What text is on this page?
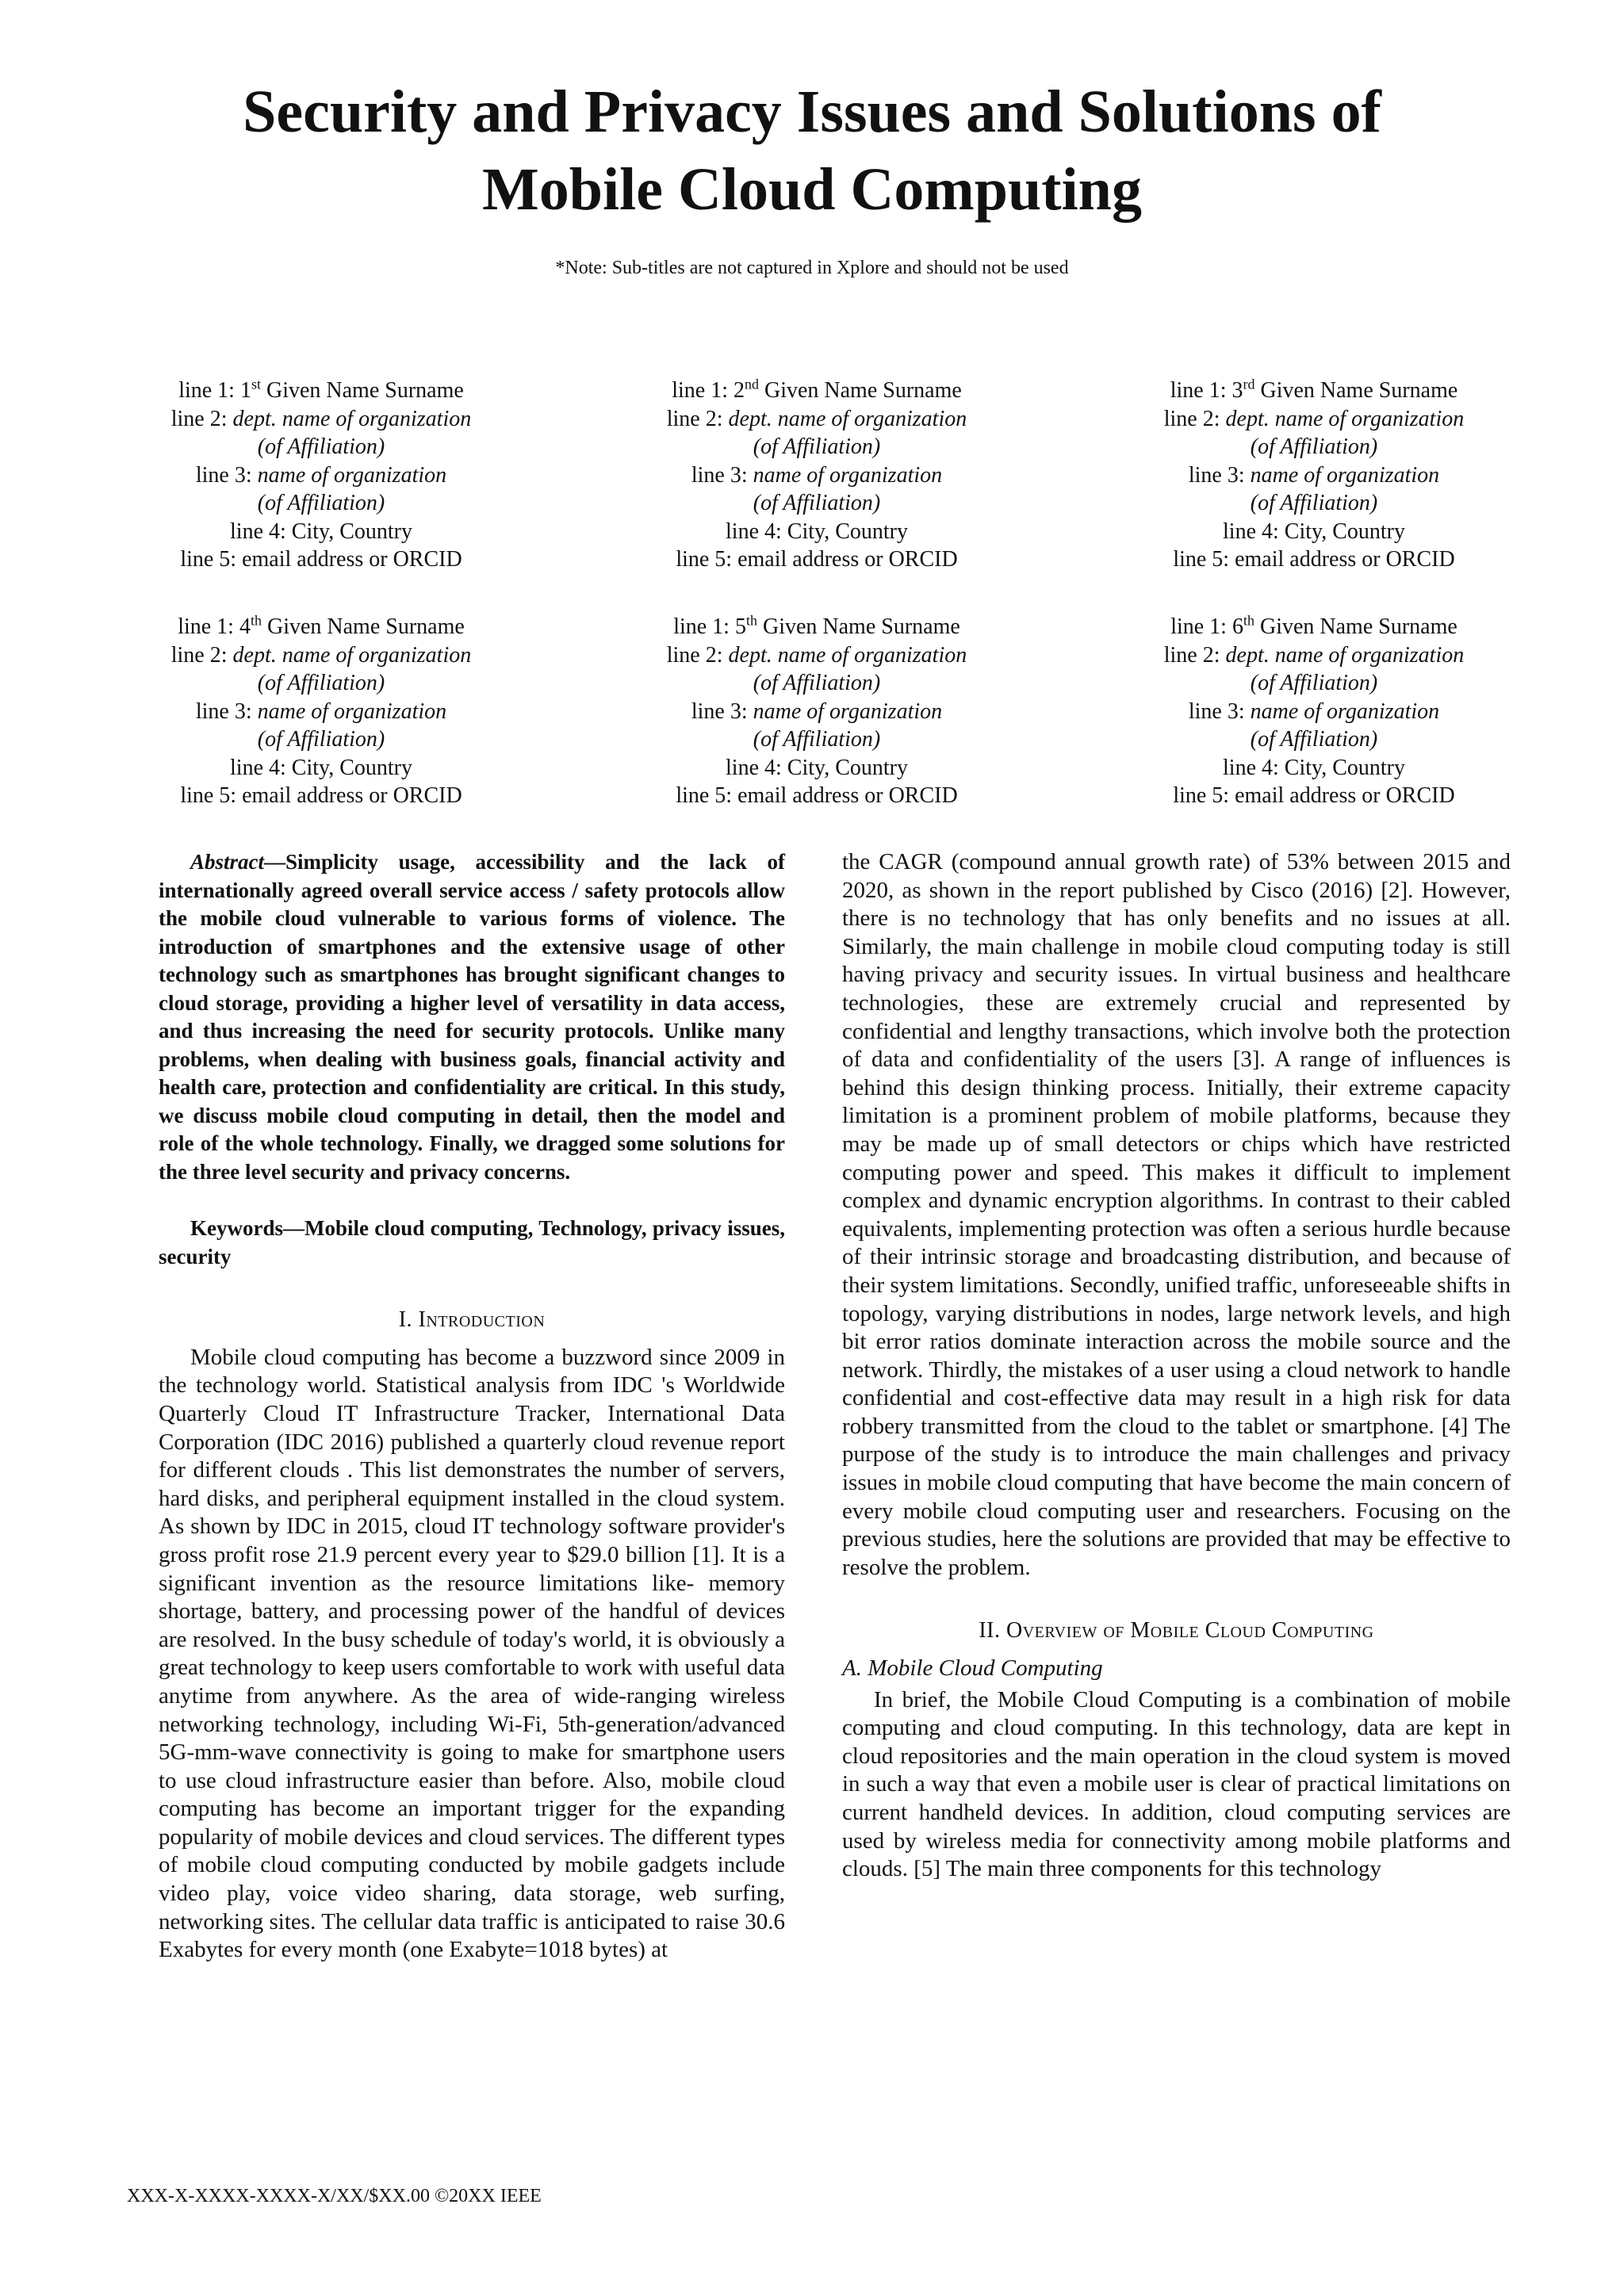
Security and Privacy Issues and Solutions of
Mobile Cloud Computing
*Note: Sub-titles are not captured in Xplore and should not be used
line 1: 1st Given Name Surname
line 2: dept. name of organization
(of Affiliation)
line 3: name of organization
(of Affiliation)
line 4: City, Country
line 5: email address or ORCID
line 1: 2nd Given Name Surname
line 2: dept. name of organization
(of Affiliation)
line 3: name of organization
(of Affiliation)
line 4: City, Country
line 5: email address or ORCID
line 1: 3rd Given Name Surname
line 2: dept. name of organization
(of Affiliation)
line 3: name of organization
(of Affiliation)
line 4: City, Country
line 5: email address or ORCID
line 1: 4th Given Name Surname
line 2: dept. name of organization
(of Affiliation)
line 3: name of organization
(of Affiliation)
line 4: City, Country
line 5: email address or ORCID
line 1: 5th Given Name Surname
line 2: dept. name of organization
(of Affiliation)
line 3: name of organization
(of Affiliation)
line 4: City, Country
line 5: email address or ORCID
line 1: 6th Given Name Surname
line 2: dept. name of organization
(of Affiliation)
line 3: name of organization
(of Affiliation)
line 4: City, Country
line 5: email address or ORCID

Abstract—Simplicity usage, accessibility and the lack of internationally agreed overall service access / safety protocols allow the mobile cloud vulnerable to various forms of violence. The introduction of smartphones and the extensive usage of other technology such as smartphones has brought significant changes to cloud storage, providing a higher level of versatility in data access, and thus increasing the need for security protocols. Unlike many problems, when dealing with business goals, financial activity and health care, protection and confidentiality are critical. In this study, we discuss mobile cloud computing in detail, then the model and role of the whole technology. Finally, we dragged some solutions for the three level security and privacy concerns.

Keywords—Mobile cloud computing, Technology, privacy issues, security

I. Introduction

Mobile cloud computing has become a buzzword since 2009 in the technology world. Statistical analysis from IDC 's Worldwide Quarterly Cloud IT Infrastructure Tracker, International Data Corporation (IDC 2016) published a quarterly cloud revenue report for different clouds . This list demonstrates the number of servers, hard disks, and peripheral equipment installed in the cloud system. As shown by IDC in 2015, cloud IT technology software provider's gross profit rose 21.9 percent every year to $29.0 billion [1]. It is a significant invention as the resource limitations like- memory shortage, battery, and processing power of the handful of devices are resolved. In the busy schedule of today's world, it is obviously a great technology to keep users comfortable to work with useful data anytime from anywhere. As the area of wide-ranging wireless networking technology, including Wi-Fi, 5th-generation/advanced 5G-mm-wave connectivity is going to make for smartphone users to use cloud infrastructure easier than before. Also, mobile cloud computing has become an important trigger for the expanding popularity of mobile devices and cloud services. The different types of mobile cloud computing conducted by mobile gadgets include video play, voice video sharing, data storage, web surfing, networking sites. The cellular data traffic is anticipated to raise 30.6 Exabytes for every month (one Exabyte=1018 bytes) at

the CAGR (compound annual growth rate) of 53% between 2015 and 2020, as shown in the report published by Cisco (2016) [2]. However, there is no technology that has only benefits and no issues at all. Similarly, the main challenge in mobile cloud computing today is still having privacy and security issues. In virtual business and healthcare technologies, these are extremely crucial and represented by confidential and lengthy transactions, which involve both the protection of data and confidentiality of the users [3]. A range of influences is behind this design thinking process. Initially, their extreme capacity limitation is a prominent problem of mobile platforms, because they may be made up of small detectors or chips which have restricted computing power and speed. This makes it difficult to implement complex and dynamic encryption algorithms. In contrast to their cabled equivalents, implementing protection was often a serious hurdle because of their intrinsic storage and broadcasting distribution, and because of their system limitations. Secondly, unified traffic, unforeseeable shifts in topology, varying distributions in nodes, large network levels, and high bit error ratios dominate interaction across the mobile source and the network. Thirdly, the mistakes of a user using a cloud network to handle confidential and cost-effective data may result in a high risk for data robbery transmitted from the cloud to the tablet or smartphone. [4] The purpose of the study is to introduce the main challenges and privacy issues in mobile cloud computing that have become the main concern of every mobile cloud computing user and researchers. Focusing on the previous studies, here the solutions are provided that may be effective to resolve the problem.

II. Overview of Mobile Cloud Computing

A. Mobile Cloud Computing

In brief, the Mobile Cloud Computing is a combination of mobile computing and cloud computing. In this technology, data are kept in cloud repositories and the main operation in the cloud system is moved in such a way that even a mobile user is clear of practical limitations on current handheld devices. In addition, cloud computing services are used by wireless media for connectivity among mobile platforms and clouds. [5] The main three components for this technology

XXX-X-XXXX-XXXX-X/XX/$XX.00 ©20XX IEEE
